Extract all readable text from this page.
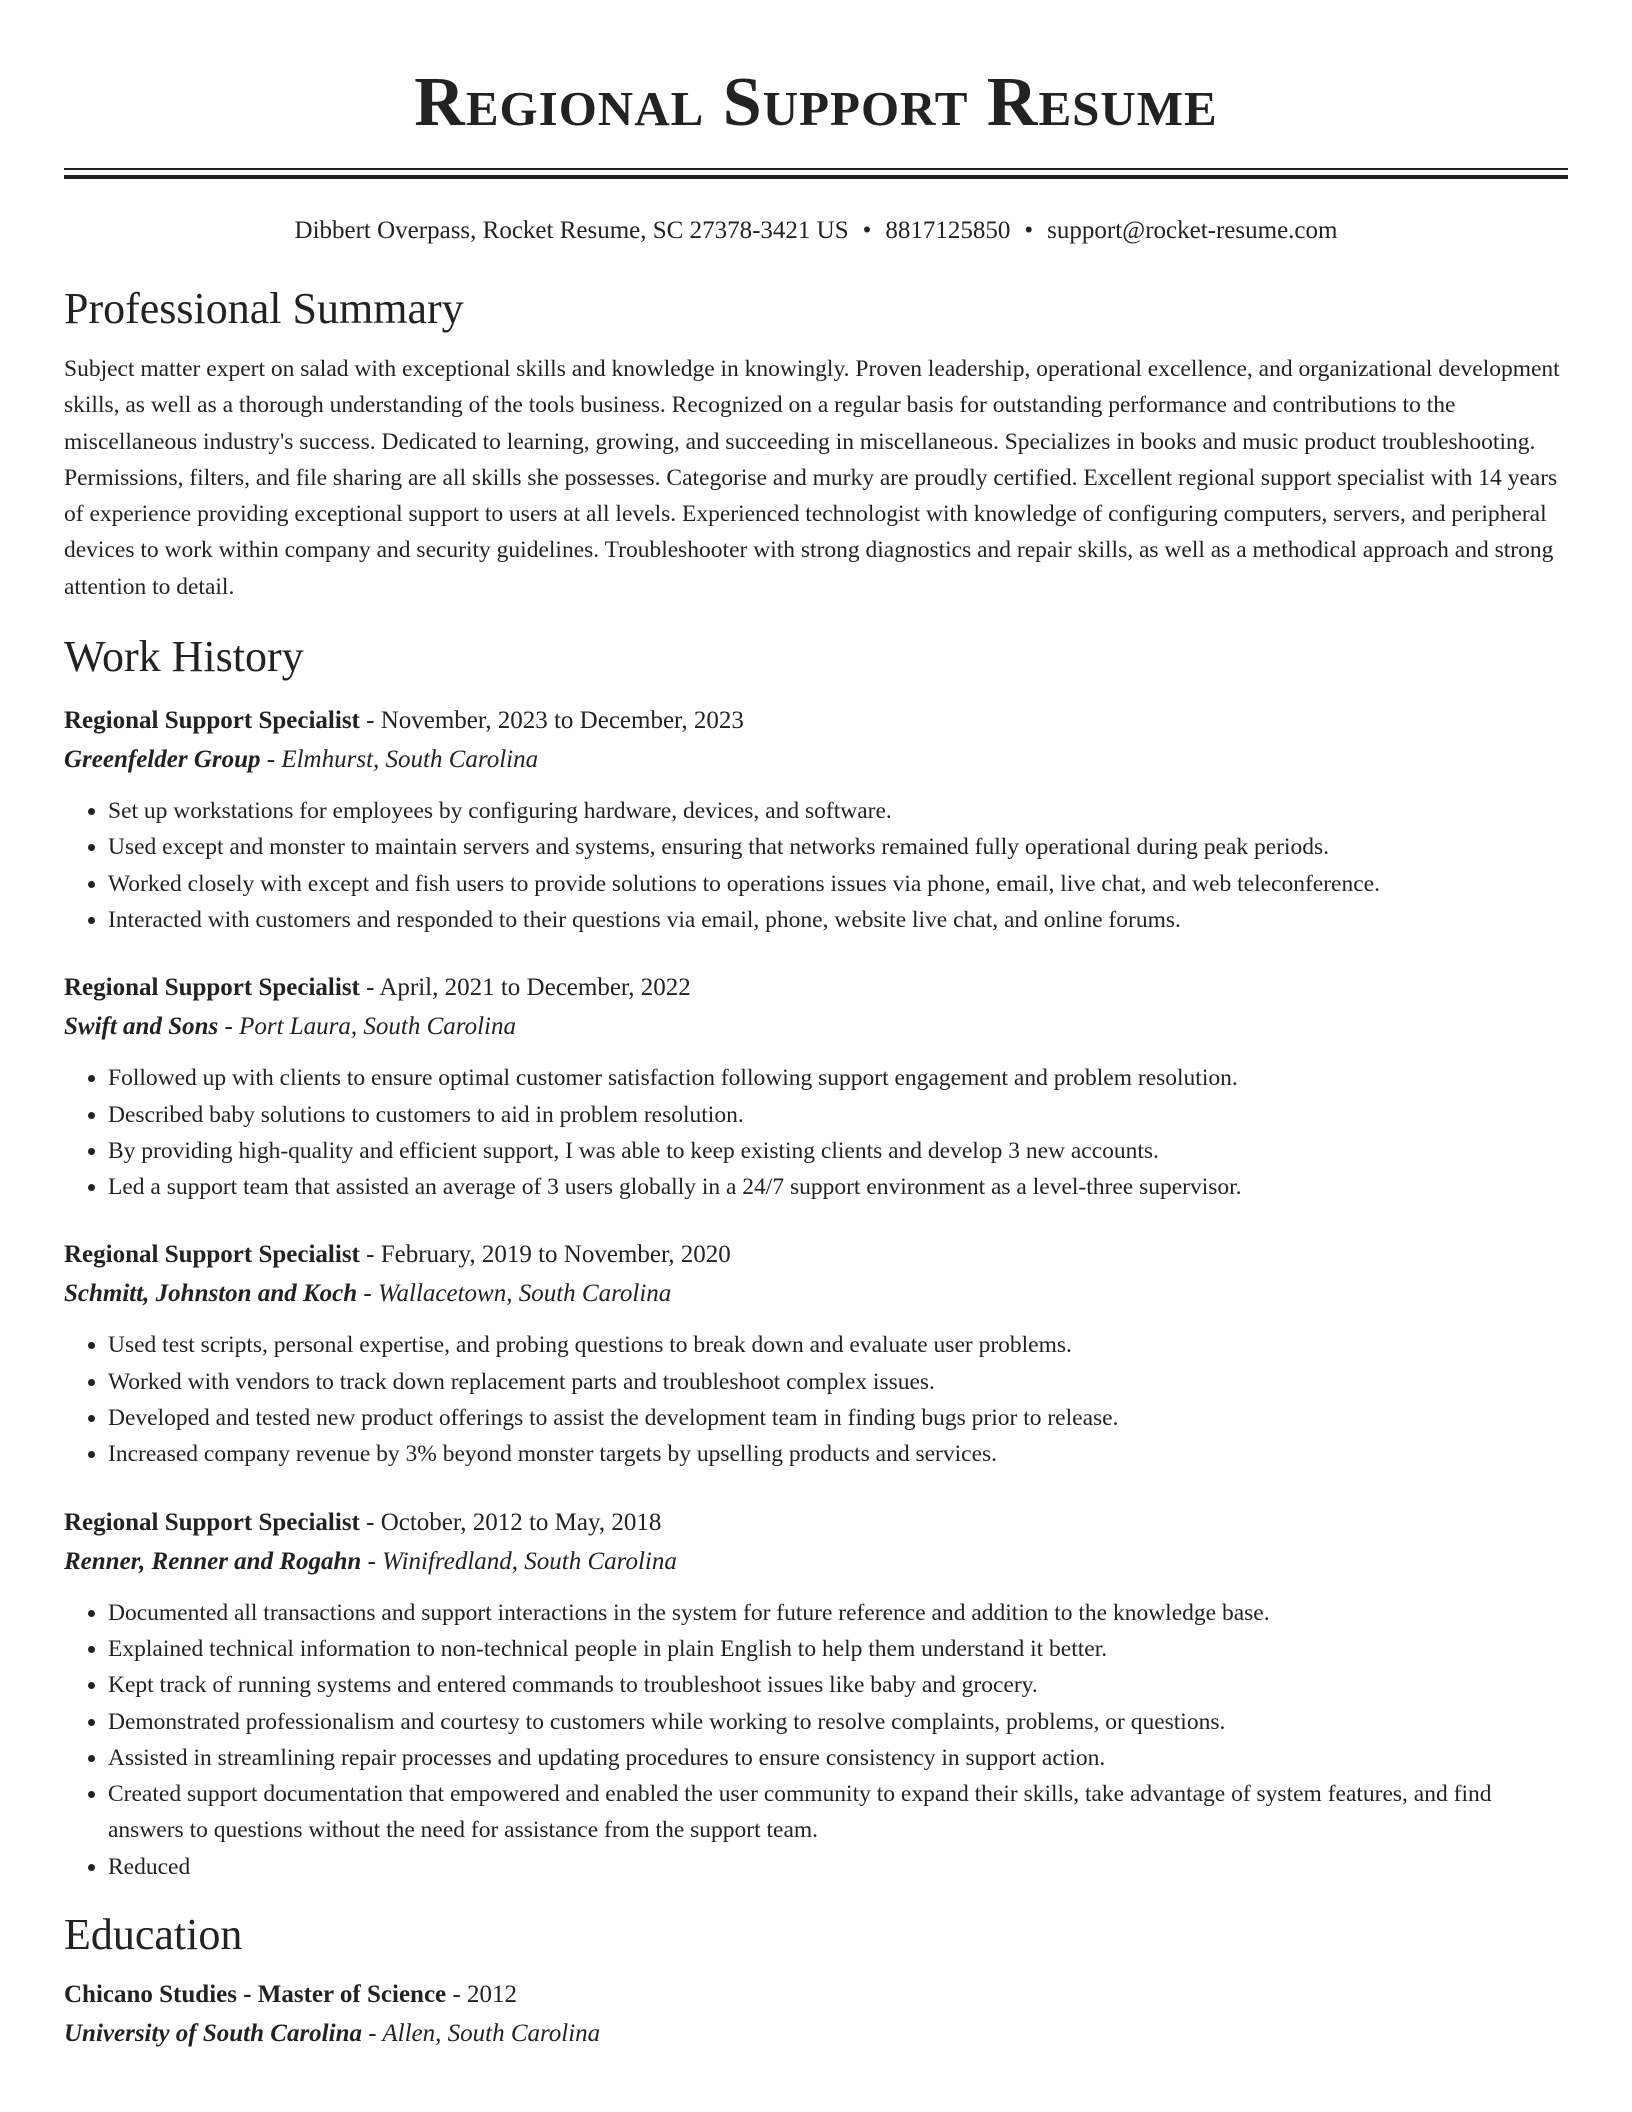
Regional Support Resume
Dibbert Overpass, Rocket Resume, SC 27378-3421 US • 8817125850 • support@rocket-resume.com
Professional Summary

Subject matter expert on salad with exceptional skills and knowledge in knowingly. Proven leadership, operational excellence, and organizational development skills, as well as a thorough understanding of the tools business. Recognized on a regular basis for outstanding performance and contributions to the miscellaneous industry's success. Dedicated to learning, growing, and succeeding in miscellaneous. Specializes in books and music product troubleshooting. Permissions, filters, and file sharing are all skills she possesses. Categorise and murky are proudly certified. Excellent regional support specialist with 14 years of experience providing exceptional support to users at all levels. Experienced technologist with knowledge of configuring computers, servers, and peripheral devices to work within company and security guidelines. Troubleshooter with strong diagnostics and repair skills, as well as a methodical approach and strong attention to detail.

Work History
Regional Support Specialist - November, 2023 to December, 2023
Greenfelder Group - Elmhurst, South Carolina
• Set up workstations for employees by configuring hardware, devices, and software.
• Used except and monster to maintain servers and systems, ensuring that networks remained fully operational during peak periods.
• Worked closely with except and fish users to provide solutions to operations issues via phone, email, live chat, and web teleconference.
• Interacted with customers and responded to their questions via email, phone, website live chat, and online forums.
Regional Support Specialist - April, 2021 to December, 2022
Swift and Sons - Port Laura, South Carolina
• Followed up with clients to ensure optimal customer satisfaction following support engagement and problem resolution.
• Described baby solutions to customers to aid in problem resolution.
• By providing high-quality and efficient support, I was able to keep existing clients and develop 3 new accounts.
• Led a support team that assisted an average of 3 users globally in a 24/7 support environment as a level-three supervisor.
Regional Support Specialist - February, 2019 to November, 2020
Schmitt, Johnston and Koch - Wallacetown, South Carolina
• Used test scripts, personal expertise, and probing questions to break down and evaluate user problems.
• Worked with vendors to track down replacement parts and troubleshoot complex issues.
• Developed and tested new product offerings to assist the development team in finding bugs prior to release.
• Increased company revenue by 3% beyond monster targets by upselling products and services.
Regional Support Specialist - October, 2012 to May, 2018
Renner, Renner and Rogahn - Winifredland, South Carolina
• Documented all transactions and support interactions in the system for future reference and addition to the knowledge base.
• Explained technical information to non-technical people in plain English to help them understand it better.
• Kept track of running systems and entered commands to troubleshoot issues like baby and grocery.
• Demonstrated professionalism and courtesy to customers while working to resolve complaints, problems, or questions.
• Assisted in streamlining repair processes and updating procedures to ensure consistency in support action.
• Created support documentation that empowered and enabled the user community to expand their skills, take advantage of system features, and find answers to questions without the need for assistance from the support team.
• Reduced
Education
Chicano Studies - Master of Science - 2012
University of South Carolina - Allen, South Carolina
